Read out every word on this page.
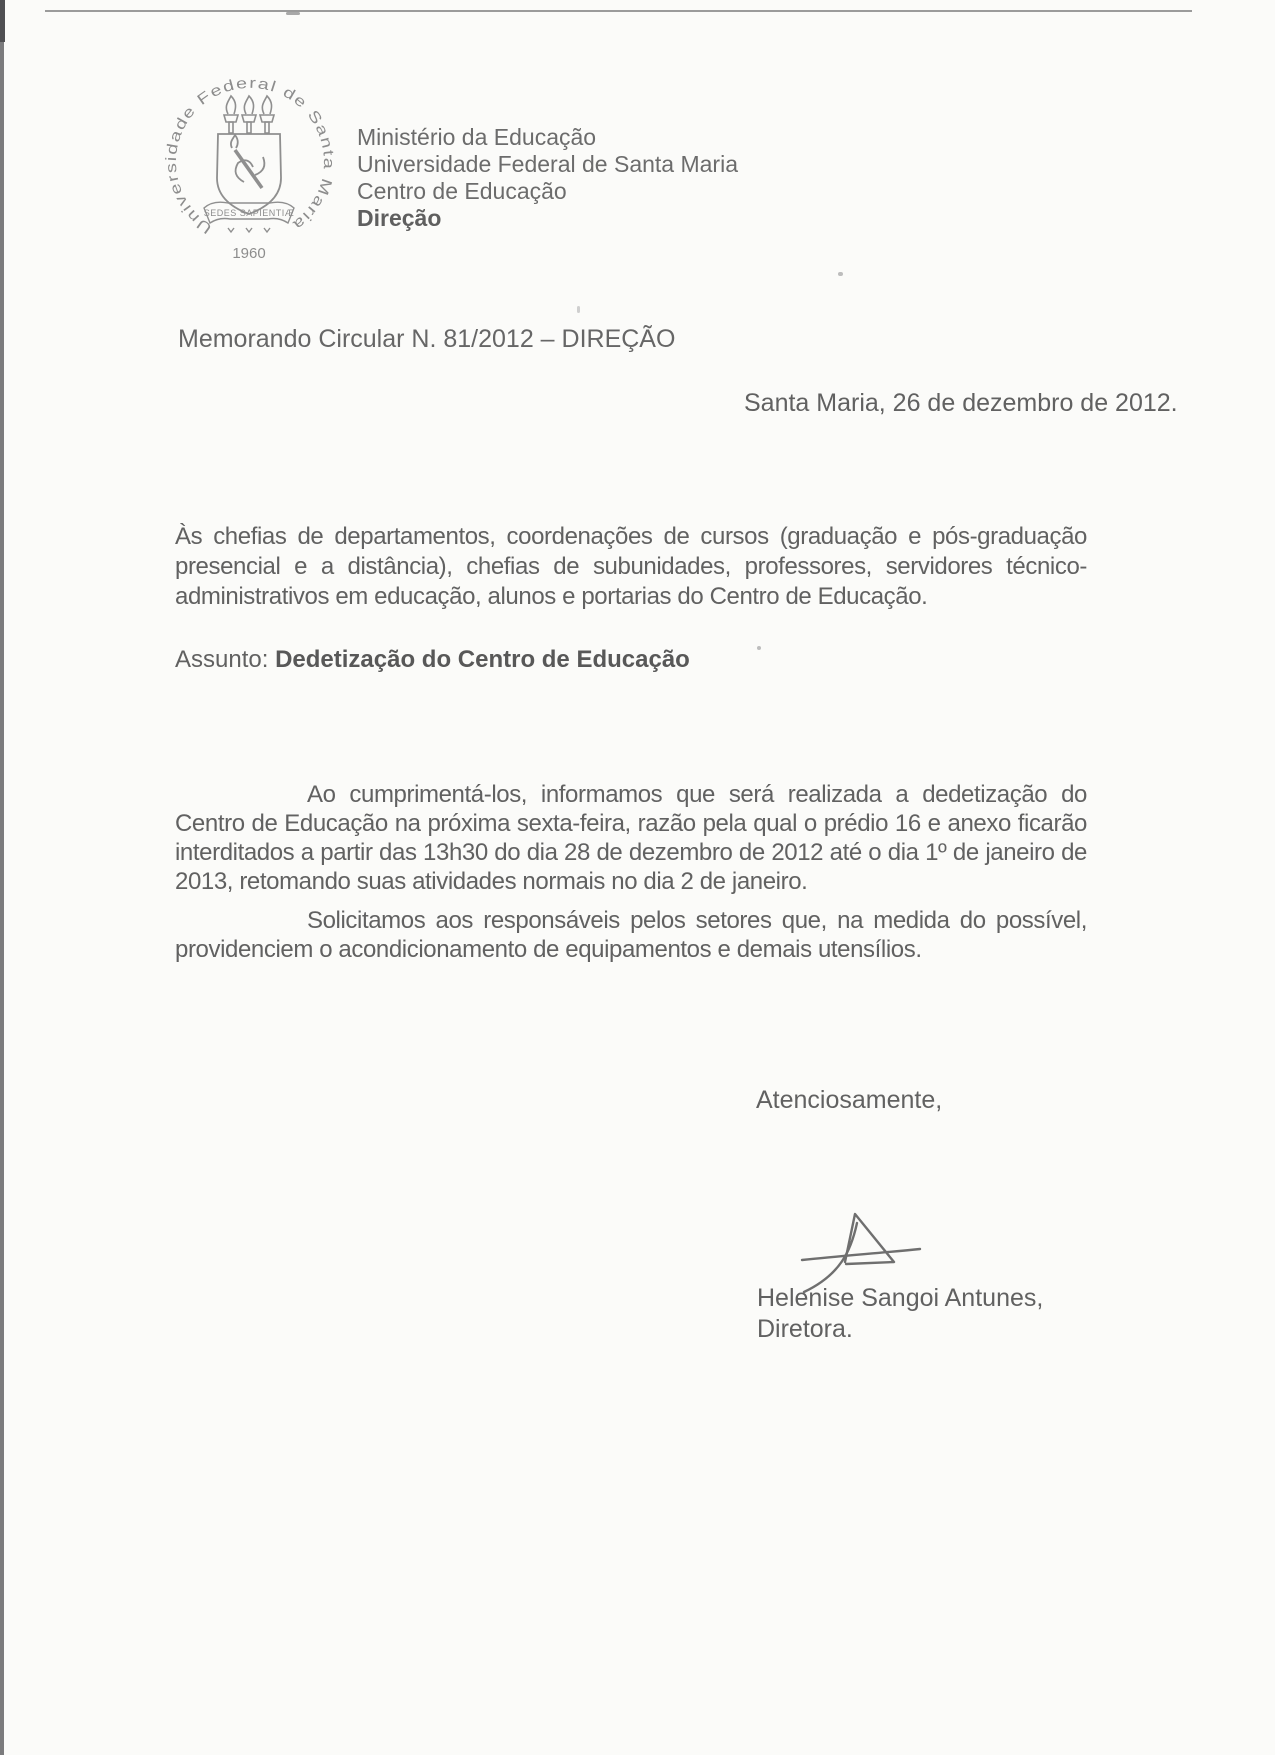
Universidade Federal de Santa Maria
SEDES SAPIENTIÆ
1960
Ministério da Educação
Universidade Federal de Santa Maria
Centro de Educação
Direção
Memorando Circular N. 81/2012 – DIREÇÃO
Santa Maria, 26 de dezembro de 2012.
Às chefias de departamentos, coordenações de cursos (graduação e pós-graduação presencial e a distância), chefias de subunidades, professores, servidores técnico-administrativos em educação, alunos e portarias do Centro de Educação.
Assunto: Dedetização do Centro de Educação

Ao cumprimentá-los, informamos que será realizada a dedetização do Centro de Educação na próxima sexta-feira, razão pela qual o prédio 16 e anexo ficarão interditados a partir das 13h30 do dia 28 de dezembro de 2012 até o dia 1º de janeiro de 2013, retomando suas atividades normais no dia 2 de janeiro.

Solicitamos aos responsáveis pelos setores que, na medida do possível, providenciem o acondicionamento de equipamentos e demais utensílios.

Atenciosamente,
Helenise Sangoi Antunes,
Diretora.
